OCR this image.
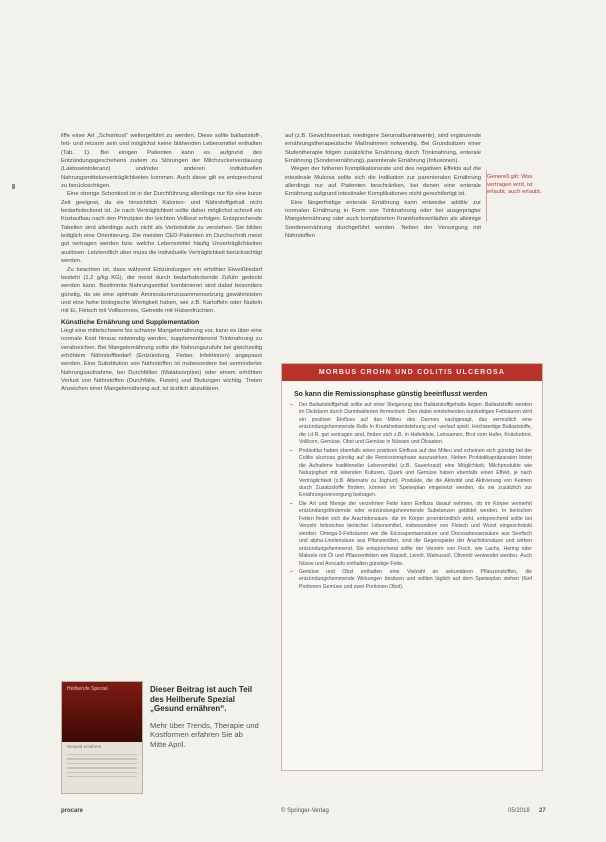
liffe einer Art „Schonkost“ weitergeführt zu werden. Diese sollte ballaststoff-, fett- und reizarm sein und möglichst keine blähenden Lebensmittel enthalten (Tab. 1). Bei einigen Patienten kann es aufgrund des Entzündungsgeschehens zudem zu Störungen der Milchzuckerverdauung (Laktoseintoleranz) und/oder anderen individuellen Nahrungsmittelunverträglichkeiten kommen. Auch diese gilt es entsprechend zu berücksichtigen.

Eine strenge Schonkost ist in der Durchführung allerdings nur für eine kurze Zeit geeignet, da sie hinsichtlich Kalorien- und Nährstoffgehalt nicht bedarfsdeckend ist. Je nach Verträglichkeit sollte daher möglichst schnell ein Kostaufbau nach den Prinzipien der leichten Vollkost erfolgen. Entsprechende Tabellen sind allerdings auch nicht als Verbotsliste zu verstehen. Sie bilden lediglich eine Orientierung. Die meisten CED-Patienten im Durchschnitt meist gut vertragen werden bzw. welche Lebensmittel häufig Unverträglichkeiten auslösen. Letztendlich aber muss die individuelle Verträglichkeit berücksichtigt werden.

Zu beachten ist, dass während Entzündungen ein erhöhter Eiweißbedarf besteht (1,2 g/kg KG), der meist durch bedarfsdeckende Zufuhr gedeckt werden kann. Bestimmte Nahrungsmittel kombinieren sind dabei besonders günstig, da sie eine optimale Aminosäurenzusammensetzung gewährleisten und eine hohe biologische Wertigkeit haben, wie z.B. Kartoffeln oder Nudeln mit Ei, Fleisch mit Vollkornreis, Getreide mit Hülsenfrüchten.

Künstliche Ernährung und Supplementation

Liegt eine mittelschwere bis schwere Mangelernährung vor, kann es über eine normale Kost hinaus notwendig werden, supplementierend Trinknahrung zu verabreichen. Bei Mangelernährung sollte die Nahrungszufuhr bei gleichzeitig erhöhtem Nährstoffbedarf (Entzündung, Fieber, Infektionen) angepasst werden. Eine Substitution von Nährstoffen ist insbesondere bei verminderter Nahrungsaufnahme, bei Durchfällen (Malabsorption) oder einem erhöhten Verlust von Nährstoffen (Durchfälle, Fisteln) und Blutungen wichtig. Treten Anzeichen einer Mangelernährung auf, ist ärztlich abzuklären.

auf (z.B. Gewichtsverlust, niedrigere Serumalbuminwerte), sind ergänzende ernährungstherapeutische Maßnahmen notwendig. Bei Grundsätzen einer Stufentherapie folgen zusätzliche Ernährung durch Trinknahrung, enterale Ernährung (Sondenernährung), parenterale Ernährung (Infusionen).

Wegen der höheren Komplikationsrate und des negativen Effekts auf die intestinale Mukosa sollte sich die Indikation zur parenteralen Ernährung allerdings nur auf Patienten beschränken, bei denen eine enterale Ernährung aufgrund intestinaler Komplikationen nicht gerechtfertigt ist.

Eine längerfristige enterale Ernährung kann entweder additiv zur normalen Ernährung in Form von Trinknahrung oder bei ausgeprägter Mangelernährung oder auch komplizierten Krankheitsverläufen als alleinige Sondenernährung durchgeführt werden. Neben der Versorgung mit Nährstoffen

Generell gilt: Was vertragen wird, ist erlaubt, auch erlaubt.
MORBUS CROHN UND COLITIS ULCEROSA
So kann die Remissionsphase günstig beeinflusst werden
– Der Ballaststoffgehalt sollte auf einer Steigerung des Ballaststoffgehalts liegen. Ballaststoffe werden im Dickdarm durch Darmbakterien fermentiert. Den dabei entstehenden kurzkettigen Fettsäuren wird ein positiver Einfluss auf das Milieu des Darmes nachgesagt, das vermutlich eine entzündungshemmende Rolle in Krankheitsentstehung und -verlauf spielt. Hochwertige Ballaststoffe, die i.d.R. gut vertragen sind, finden sich z.B. in Haferkleie, Leinsamen, Brot vom Hafer, Knäckebrot, Vollkorn, Gemüse, Obst und Gemüse in Nüssen und Ölsaaten.
– Probiotika haben ebenfalls einen positiven Einfluss auf das Milieu und scheinen sich günstig bei der Colitis ulcerosa günstig auf die Remissionsphase auszuwirken. Neben Probiotikapräparaten bietet die Aufnahme traditioneller Lebensmittel (z.B. Sauerkraut) eine Möglichkeit, Milchprodukte wie Naturjoghurt mit lebenden Kulturen, Quark und Gemüse haben ebenfalls einen Effekt, je nach Verträglichkeit (z.B. Alternativ zu Joghurt). Produkte, die die Aktivität und Aktivierung von Keimen durch Zusatzstoffe fördern, können im Speiseplan eingesetzt werden, da sie zusätzlich zur Ernährungsversorgung beitragen.
– Die Art und Menge der verzehrten Fette kann Einfluss darauf nehmen, ob im Körper vermehrt entzündungsfördernde oder entzündungshemmende Substanzen gebildet werden. In tierischen Fetten findet sich die Arachidonsäure, die im Körper proentzündlich wirkt, entsprechend sollte bei Verzehr fettreiches tierischer Lebensmittel, insbesondere von Fleisch und Wurst eingeschränkt werden. Omega-3-Fettsäuren wie die Eicosapentaensäure und Docosahexaensäure aus Seefisch und alpha-Linolensäure aus Pflanzenölen, sind die Gegenspieler der Arachidonsäure und wirken entzündungshemmend. Sie entsprechend sollte der Verzehr von Fisch, wie Lachs, Hering oder Makrele mit Öl und Pflanzenfetten wie Rapsöl, Leinöl, Walnussöl, Olivenöl verwendet werden. Auch Nüsse und Avocado enthalten günstige Fette.
– Gemüse und Obst enthalten eine Vielzahl an sekundären Pflanzenstoffen, die entzündungshemmende Wirkungen besitzen und sollten täglich auf dem Speiseplan stehen (fünf Portionen Gemüse und zwei Portionen Obst).
Heilberufe Spezial
Gesund ernähren
Dieser Beitrag ist auch Teil des Heilberufe Spezial „Gesund ernähren“.
Mehr über Trends, Therapie und Kostformen erfahren Sie ab Mitte April.
procare	© Springer-Verlag	05/2018 27
